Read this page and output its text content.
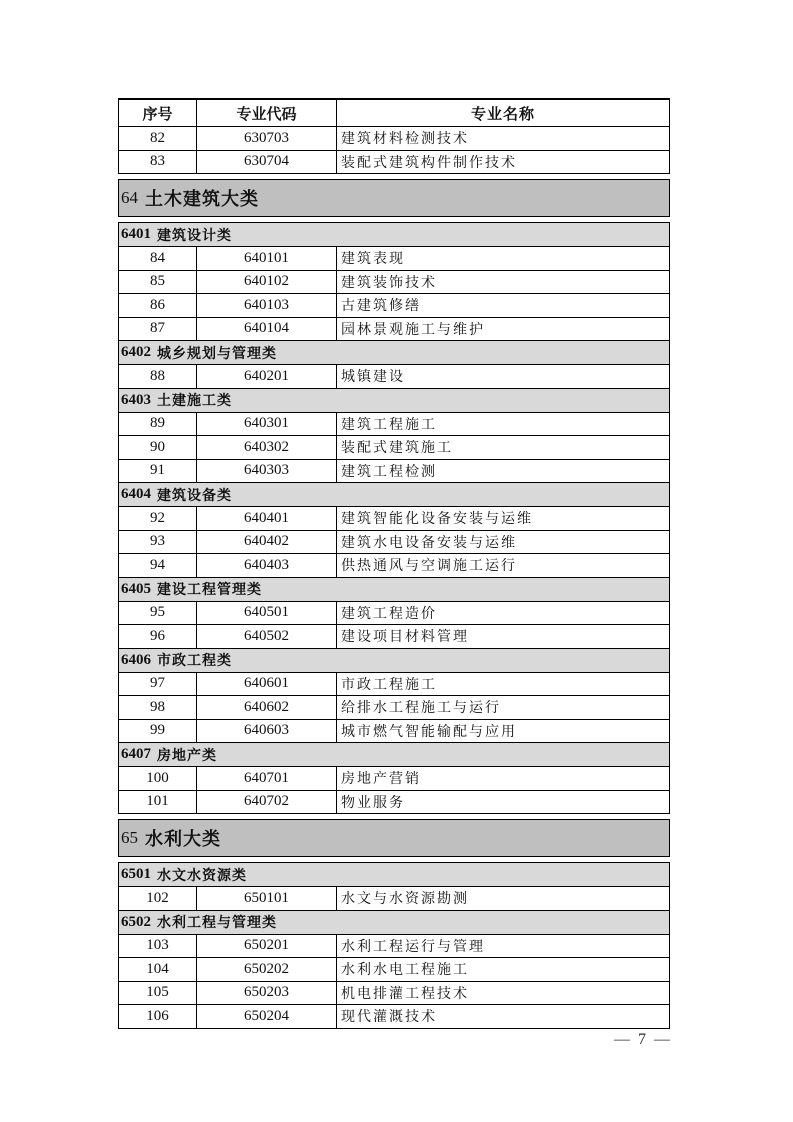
序号	专业代码	专业名称
82	630703	建筑材料检测技术
83	630704	装配式建筑构件制作技术
64 土木建筑大类
6401 建筑设计类
84	640101	建筑表现
85	640102	建筑装饰技术
86	640103	古建筑修缮
87	640104	园林景观施工与维护
6402 城乡规划与管理类
88	640201	城镇建设
6403 土建施工类
89	640301	建筑工程施工
90	640302	装配式建筑施工
91	640303	建筑工程检测
6404 建筑设备类
92	640401	建筑智能化设备安装与运维
93	640402	建筑水电设备安装与运维
94	640403	供热通风与空调施工运行
6405 建设工程管理类
95	640501	建筑工程造价
96	640502	建设项目材料管理
6406 市政工程类
97	640601	市政工程施工
98	640602	给排水工程施工与运行
99	640603	城市燃气智能输配与应用
6407 房地产类
100	640701	房地产营销
101	640702	物业服务
65 水利大类
6501 水文水资源类
102	650101	水文与水资源勘测
6502 水利工程与管理类
103	650201	水利工程运行与管理
104	650202	水利水电工程施工
105	650203	机电排灌工程技术
106	650204	现代灌溉技术
— 7 —
